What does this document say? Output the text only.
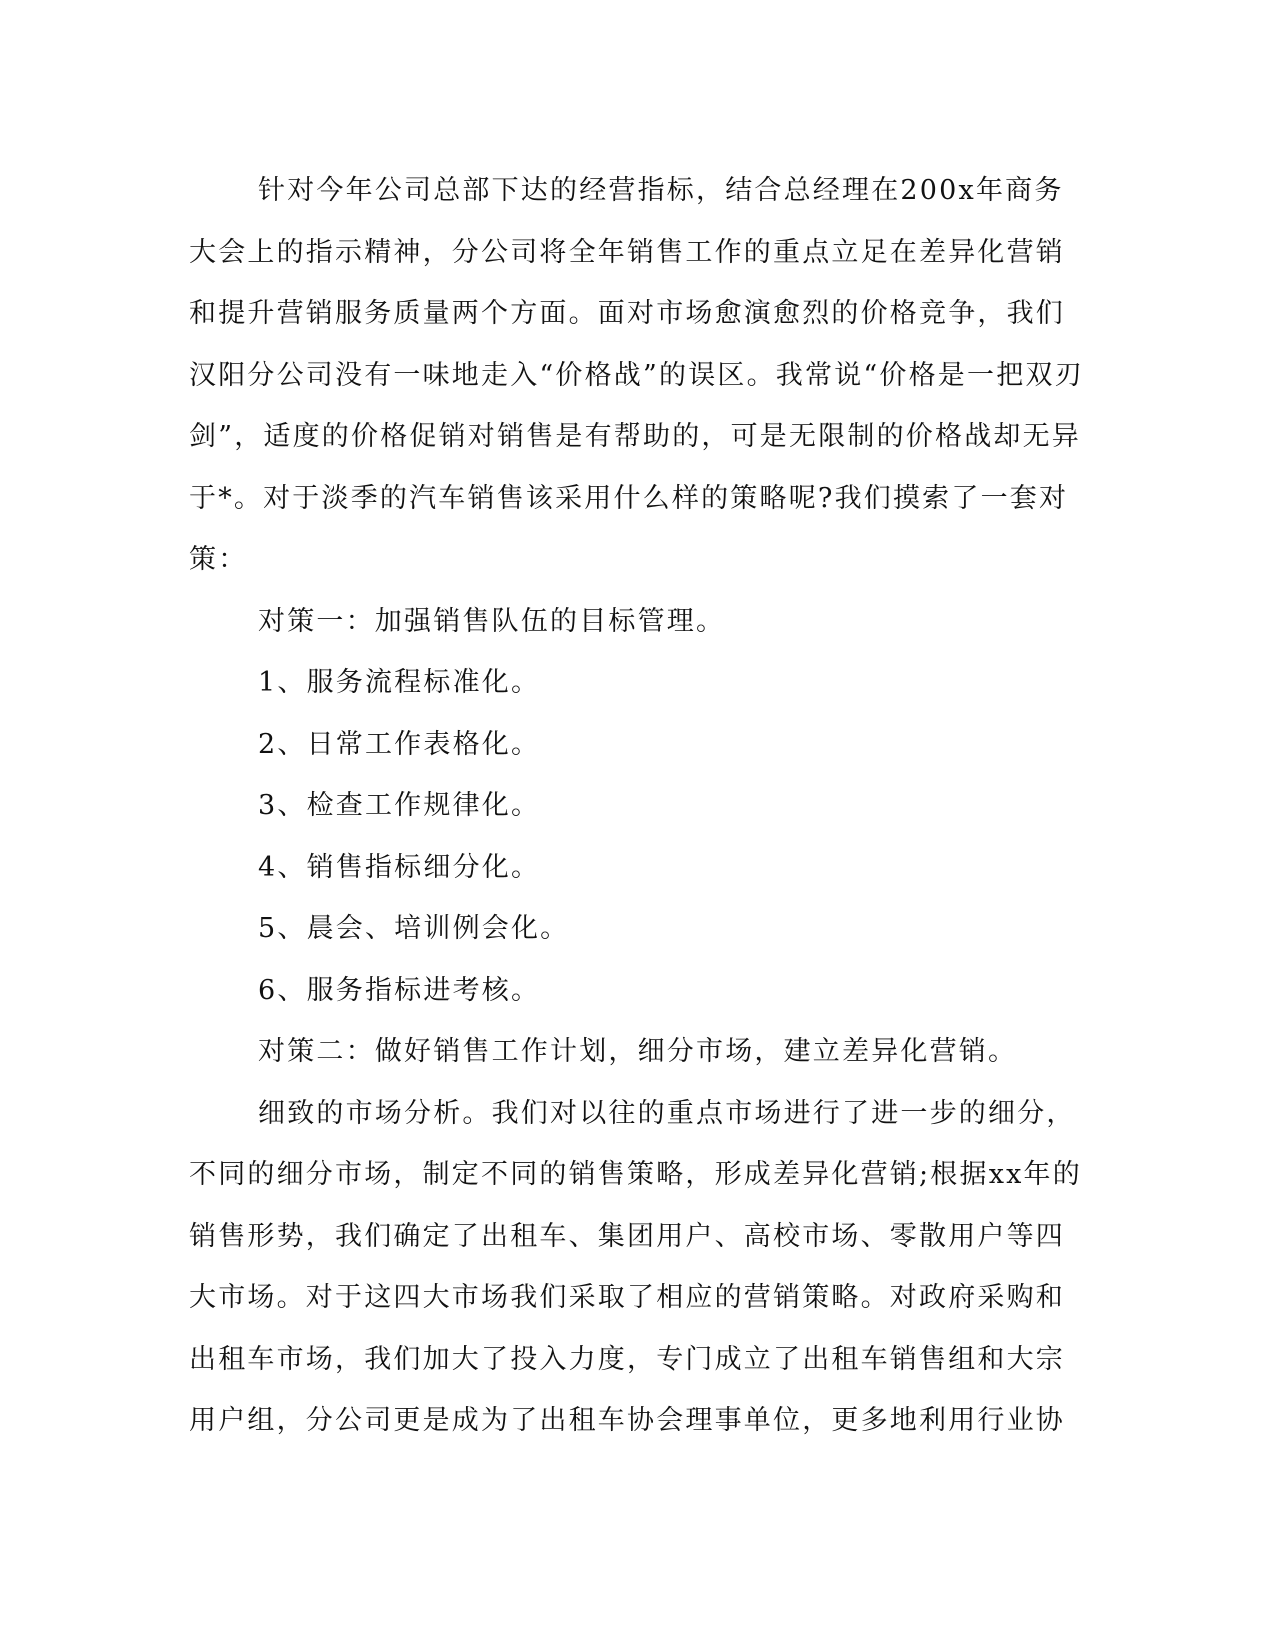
针对今年公司总部下达的经营指标，结合总经理在200x年商务
大会上的指示精神，分公司将全年销售工作的重点立足在差异化营销
和提升营销服务质量两个方面。面对市场愈演愈烈的价格竞争，我们
汉阳分公司没有一味地走入“价格战”的误区。我常说“价格是一把双刃
剑”，适度的价格促销对销售是有帮助的，可是无限制的价格战却无异
于*。对于淡季的汽车销售该采用什么样的策略呢?我们摸索了一套对
策：
对策一：加强销售队伍的目标管理。
1、服务流程标准化。
2、日常工作表格化。
3、检查工作规律化。
4、销售指标细分化。
5、晨会、培训例会化。
6、服务指标进考核。
对策二：做好销售工作计划，细分市场，建立差异化营销。
细致的市场分析。我们对以往的重点市场进行了进一步的细分，
不同的细分市场，制定不同的销售策略，形成差异化营销;根据xx年的
销售形势，我们确定了出租车、集团用户、高校市场、零散用户等四
大市场。对于这四大市场我们采取了相应的营销策略。对政府采购和
出租车市场，我们加大了投入力度，专门成立了出租车销售组和大宗
用户组，分公司更是成为了出租车协会理事单位，更多地利用行业协
